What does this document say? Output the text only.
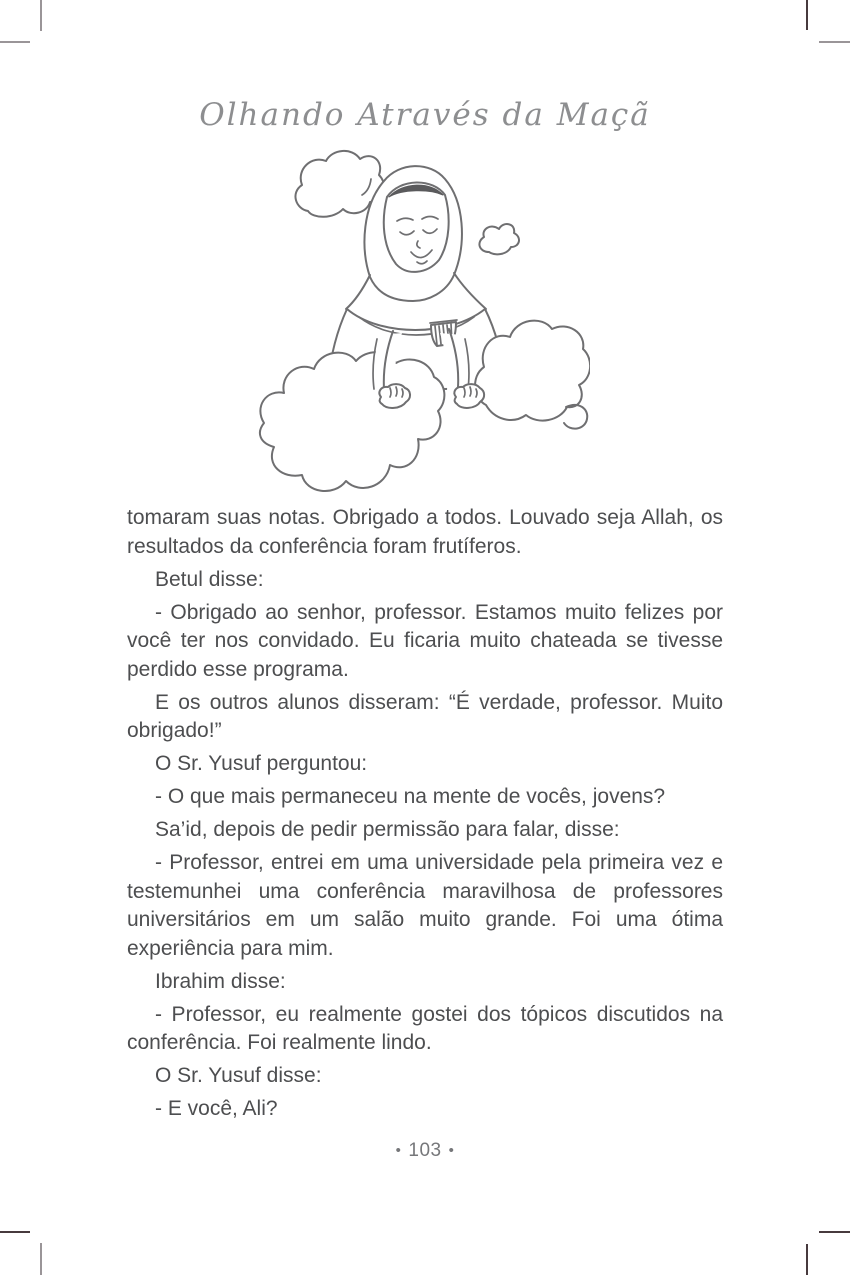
Olhando Através da Maçã

tomaram suas notas. Obrigado a todos. Louvado seja Allah, os resultados da conferência foram frutíferos.

Betul disse:

- Obrigado ao senhor, professor. Estamos muito felizes por você ter nos convidado. Eu ficaria muito chateada se tivesse perdido esse programa.

E os outros alunos disseram: “É verdade, professor. Muito obrigado!”

O Sr. Yusuf perguntou:

- O que mais permaneceu na mente de vocês, jovens?

Sa’id, depois de pedir permissão para falar, disse:

- Professor, entrei em uma universidade pela primeira vez e testemunhei uma conferência maravilhosa de professores universitários em um salão muito grande. Foi uma ótima experiência para mim.

Ibrahim disse:

- Professor, eu realmente gostei dos tópicos discutidos na conferência. Foi realmente lindo.

O Sr. Yusuf disse:

- E você, Ali?

• 103 •
